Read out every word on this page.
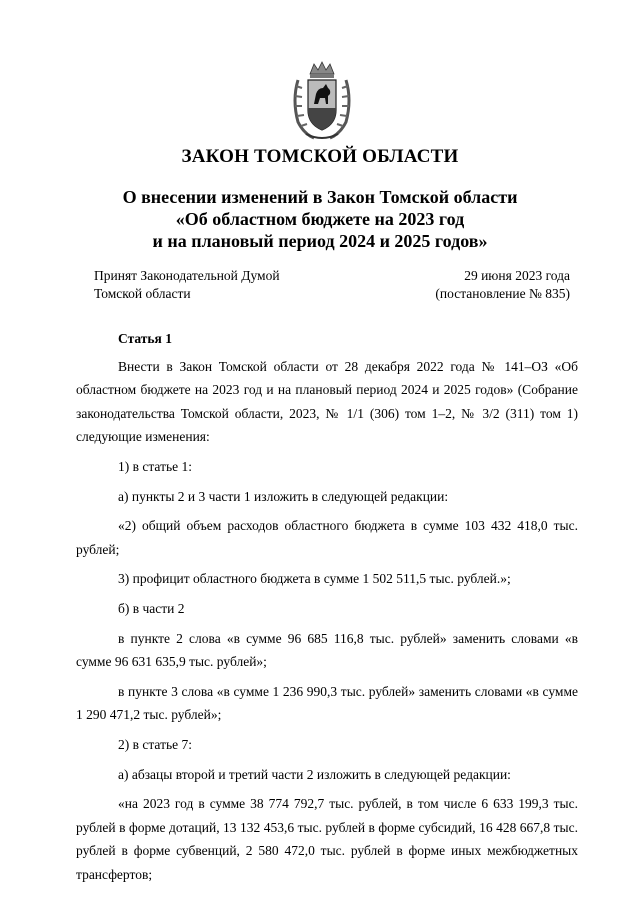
ЗАКОН ТОМСКОЙ ОБЛАСТИ
О внесении изменений в Закон Томской области
«Об областном бюджете на 2023 год
и на плановый период 2024 и 2025 годов»
Принят Законодательной Думой
Томской области
29 июня 2023 года
(постановление № 835)

Статья 1

Внести в Закон Томской области от 28 декабря 2022 года № 141–ОЗ «Об областном бюджете на 2023 год и на плановый период 2024 и 2025 годов» (Собрание законодательства Томской области, 2023, № 1/1 (306) том 1–2, № 3/2 (311) том 1) следующие изменения:

1) в статье 1:

а) пункты 2 и 3 части 1 изложить в следующей редакции:

«2) общий объем расходов областного бюджета в сумме 103 432 418,0 тыс. рублей;

3) профицит областного бюджета в сумме 1 502 511,5 тыс. рублей.»;

б) в части 2

в пункте 2 слова «в сумме 96 685 116,8 тыс. рублей» заменить словами «в сумме 96 631 635,9 тыс. рублей»;

в пункте 3 слова «в сумме 1 236 990,3 тыс. рублей» заменить словами «в сумме 1 290 471,2 тыс. рублей»;

2) в статье 7:

а) абзацы второй и третий части 2 изложить в следующей редакции:

«на 2023 год в сумме 38 774 792,7 тыс. рублей, в том числе 6 633 199,3 тыс. рублей в форме дотаций, 13 132 453,6 тыс. рублей в форме субсидий, 16 428 667,8 тыс. рублей в форме субвенций, 2 580 472,0 тыс. рублей в форме иных межбюджетных трансфертов;
